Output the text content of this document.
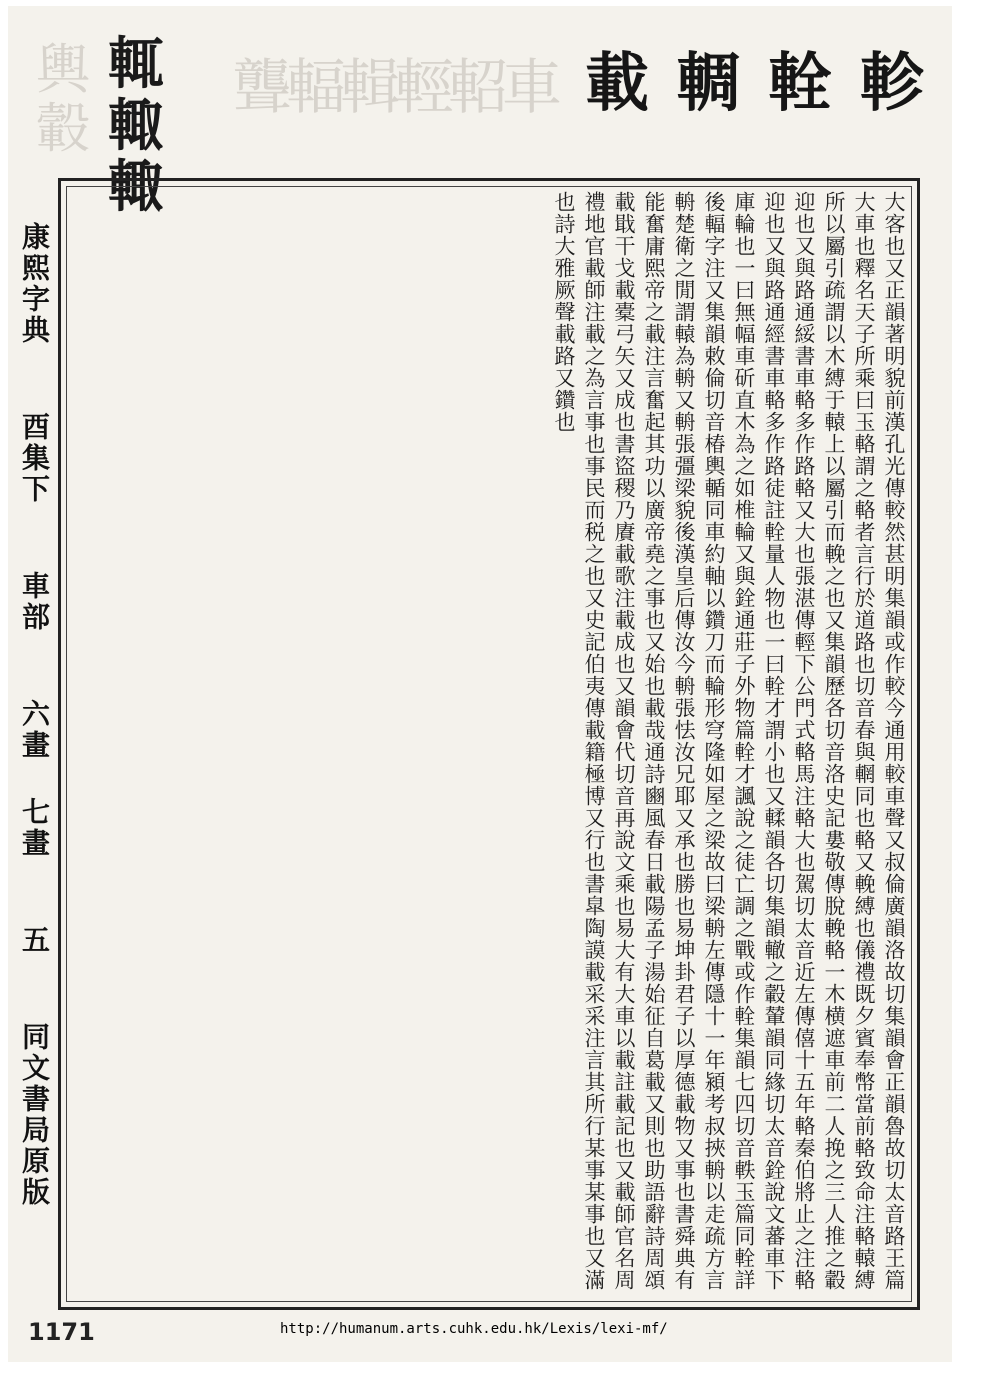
輿轂
聾輻輯輕軺車
輒輙輙
載 輖 輇 軫
康熙字典 酉集下 車部 六畫 七畫 五 同文書局原版	大客也又正韻著明貌前漢孔光傳較然甚明集韻或作較今通用較車聲又叔倫廣韻洛故切集韻會正韻魯故切太音路王篇大車也釋名天子所乘曰玉輅謂之輅者言行於道路也切音春與輞同也輅又輓縛也儀禮既夕賓奉幣當前輅致命注輅轅縛所以屬引疏謂以木縛于轅上以屬引而輓之也又集韻歷各切音洛史記婁敬傳脫輓輅一木横遮車前二人挽之三人推之轂迎也又與路通綏書車輅多作路輅又大也張湛傳輕下公門式輅馬注輅大也駕切太音近左傳僖十五年輅秦伯將止之注輅迎也又與路通經書車輅多作路徒註輇量人物也一曰輇才謂小也又輮韻各切集韻轍之轂輦韻同緣切太音銓說文蕃車下庫輪也一曰無幅車斫直木為之如椎輪又與銓通莊子外物篇輇才諷說之徒亡調之戰或作輇集韻七四切音軼玉篇同輇詳後輻字注又集韻敕倫切音椿輿輴同車約軸以鑽刀而輪形穹隆如屋之梁故曰梁輈左傳隱十一年潁考叔挾輈以走疏方言輈楚衛之閒謂轅為輈又輈張彊梁貌後漢皇后傳汝今輈張怯汝兄耶又承也勝也易坤卦君子以厚德載物又事也書舜典有能奮庸熙帝之載注言奮起其功以廣帝堯之事也又始也載哉通詩豳風春日載陽孟子湯始征自葛載又則也助語辭詩周頌載戢干戈載橐弓矢又成也書盜稷乃賡載歌注載成也又韻會代切音再說文乘也易大有大車以載註載記也又載師官名周禮地官載師注載之為言事也事民而税之也又史記伯夷傳載籍極博又行也書皐陶謨載采采注言其所行某事某事也又滿也詩大雅厥聲載路又鑽也
1171	http://humanum.arts.cuhk.edu.hk/Lexis/lexi-mf/
